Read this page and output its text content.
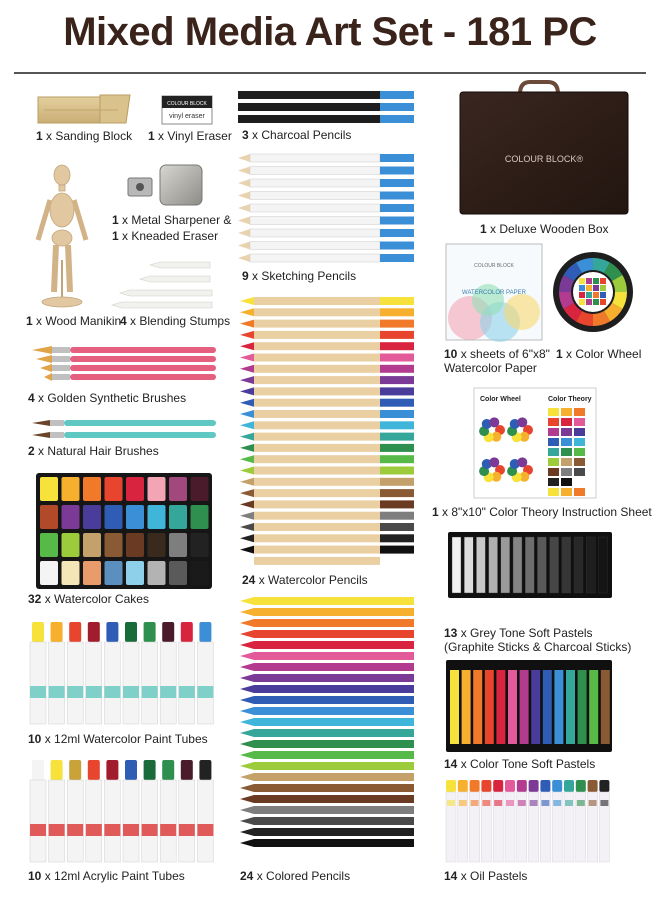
Mixed Media Art Set - 181 PC
COLOUR BLOCK
vinyl eraser
COLOUR BLOCK®
COLOUR BLOCK
WATERCOLOR PAPER
Color Wheel	Color Theory
1 x Sanding Block 1 x Vinyl Eraser 3 x Charcoal Pencils
1 x Metal Sharpener &
1 x Kneaded Eraser
9 x Sketching Pencils
1 x Deluxe Wooden Box
1 x Wood Manikin
4 x Blending Stumps
10 x sheets of 6"x8"
Watercolor Paper
1 x Color Wheel
4 x Golden Synthetic Brushes
2 x Natural Hair Brushes
1 x 8"x10" Color Theory Instruction Sheet
32 x Watercolor Cakes
24 x Watercolor Pencils
13 x Grey Tone Soft Pastels
(Graphite Sticks & Charcoal Sticks)
10 x 12ml Watercolor Paint Tubes
14 x Color Tone Soft Pastels
10 x 12ml Acrylic Paint Tubes	24 x Colored Pencils	14 x Oil Pastels
